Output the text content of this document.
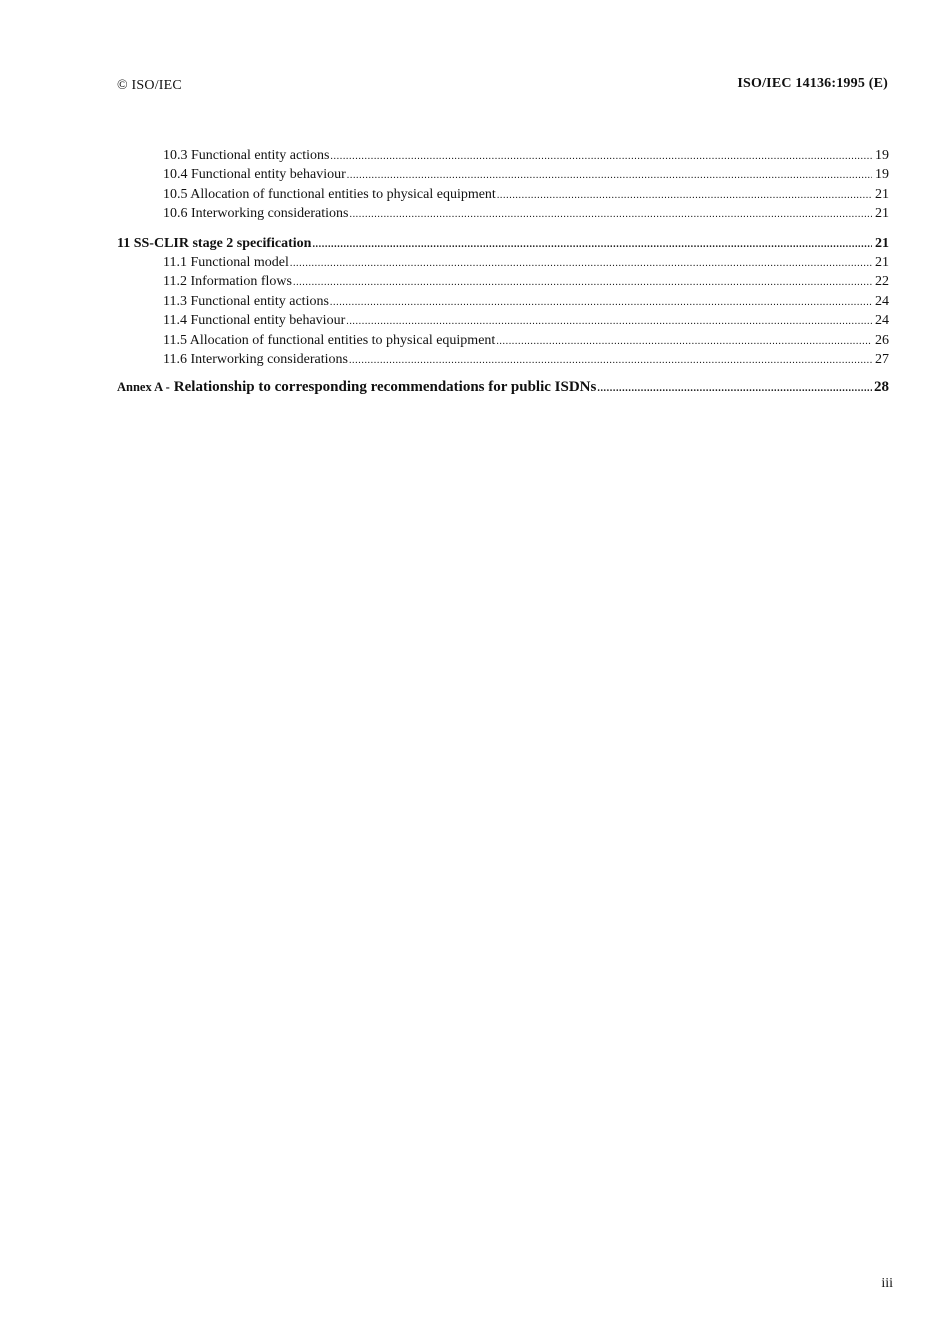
© ISO/IEC	ISO/IEC 14136:1995 (E)
10.3 Functional entity actions .....	19
10.4 Functional entity behaviour .....	19
10.5 Allocation of functional entities to physical equipment .....	21
10.6 Interworking considerations .....	21
11 SS-CLIR stage 2 specification .....	21
11.1 Functional model .....	21
11.2 Information flows .....	22
11.3 Functional entity actions .....	24
11.4 Functional entity behaviour .....	24
11.5 Allocation of functional entities to physical equipment .....	26
11.6 Interworking considerations .....	27
Annex A - Relationship to corresponding recommendations for public ISDNs .....	28
iii
